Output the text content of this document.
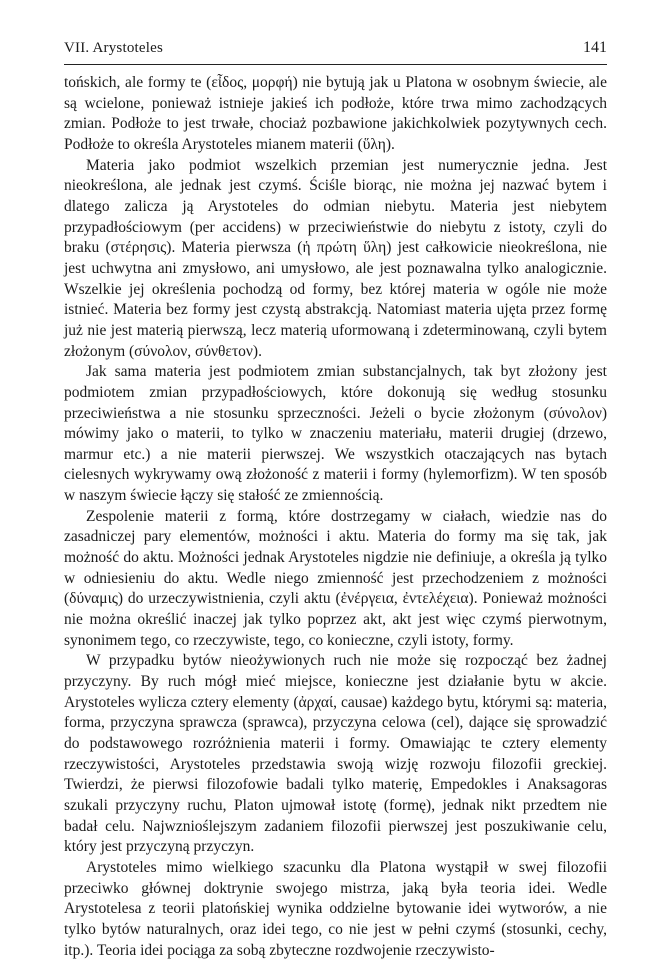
VII. Arystoteles	141

tońskich, ale formy te (εἶδος, μορφή) nie bytują jak u Platona w osobnym świecie, ale są wcielone, ponieważ istnieje jakieś ich podłoże, które trwa mimo zachodzących zmian. Podłoże to jest trwałe, chociaż pozbawione jakichkolwiek pozytywnych cech. Podłoże to określa Arystoteles mianem materii (ὕλη).

Materia jako podmiot wszelkich przemian jest numerycznie jedna. Jest nieokreślona, ale jednak jest czymś. Ściśle biorąc, nie można jej nazwać bytem i dlatego zalicza ją Arystoteles do odmian niebytu. Materia jest niebytem przypadłościowym (per accidens) w przeciwieństwie do niebytu z istoty, czyli do braku (στέρησις). Materia pierwsza (ἡ πρώτη ὕλη) jest całkowicie nieokreślona, nie jest uchwytna ani zmysłowo, ani umysłowo, ale jest poznawalna tylko analogicznie. Wszelkie jej określenia pochodzą od formy, bez której materia w ogóle nie może istnieć. Materia bez formy jest czystą abstrakcją. Natomiast materia ujęta przez formę już nie jest materią pierwszą, lecz materią uformowaną i zdeterminowaną, czyli bytem złożonym (σύνολον, σύνθετον).

Jak sama materia jest podmiotem zmian substancjalnych, tak byt złożony jest podmiotem zmian przypadłościowych, które dokonują się według stosunku przeciwieństwa a nie stosunku sprzeczności. Jeżeli o bycie złożonym (σύνολον) mówimy jako o materii, to tylko w znaczeniu materiału, materii drugiej (drzewo, marmur etc.) a nie materii pierwszej. We wszystkich otaczających nas bytach cielesnych wykrywamy ową złożoność z materii i formy (hylemorfizm). W ten sposób w naszym świecie łączy się stałość ze zmiennością.

Zespolenie materii z formą, które dostrzegamy w ciałach, wiedzie nas do zasadniczej pary elementów, możności i aktu. Materia do formy ma się tak, jak możność do aktu. Możności jednak Arystoteles nigdzie nie definiuje, a określa ją tylko w odniesieniu do aktu. Wedle niego zmienność jest przechodzeniem z możności (δύναμις) do urzeczywistnienia, czyli aktu (ἐνέργεια, ἐντελέχεια). Ponieważ możności nie można określić inaczej jak tylko poprzez akt, akt jest więc czymś pierwotnym, synonimem tego, co rzeczywiste, tego, co konieczne, czyli istoty, formy.

W przypadku bytów nieożywionych ruch nie może się rozpocząć bez żadnej przyczyny. By ruch mógł mieć miejsce, konieczne jest działanie bytu w akcie. Arystoteles wylicza cztery elementy (ἀρχαί, causae) każdego bytu, którymi są: materia, forma, przyczyna sprawcza (sprawca), przyczyna celowa (cel), dające się sprowadzić do podstawowego rozróżnienia materii i formy. Omawiając te cztery elementy rzeczywistości, Arystoteles przedstawia swoją wizję rozwoju filozofii greckiej. Twierdzi, że pierwsi filozofowie badali tylko materię, Empedokles i Anaksagoras szukali przyczyny ruchu, Platon ujmował istotę (formę), jednak nikt przedtem nie badał celu. Najwznioślejszym zadaniem filozofii pierwszej jest poszukiwanie celu, który jest przyczyną przyczyn.

Arystoteles mimo wielkiego szacunku dla Platona wystąpił w swej filozofii przeciwko głównej doktrynie swojego mistrza, jaką była teoria idei. Wedle Arystotelesa z teorii platońskiej wynika oddzielne bytowanie idei wytworów, a nie tylko bytów naturalnych, oraz idei tego, co nie jest w pełni czymś (stosunki, cechy, itp.). Teoria idei pociąga za sobą zbyteczne rozdwojenie rzeczywisto-
